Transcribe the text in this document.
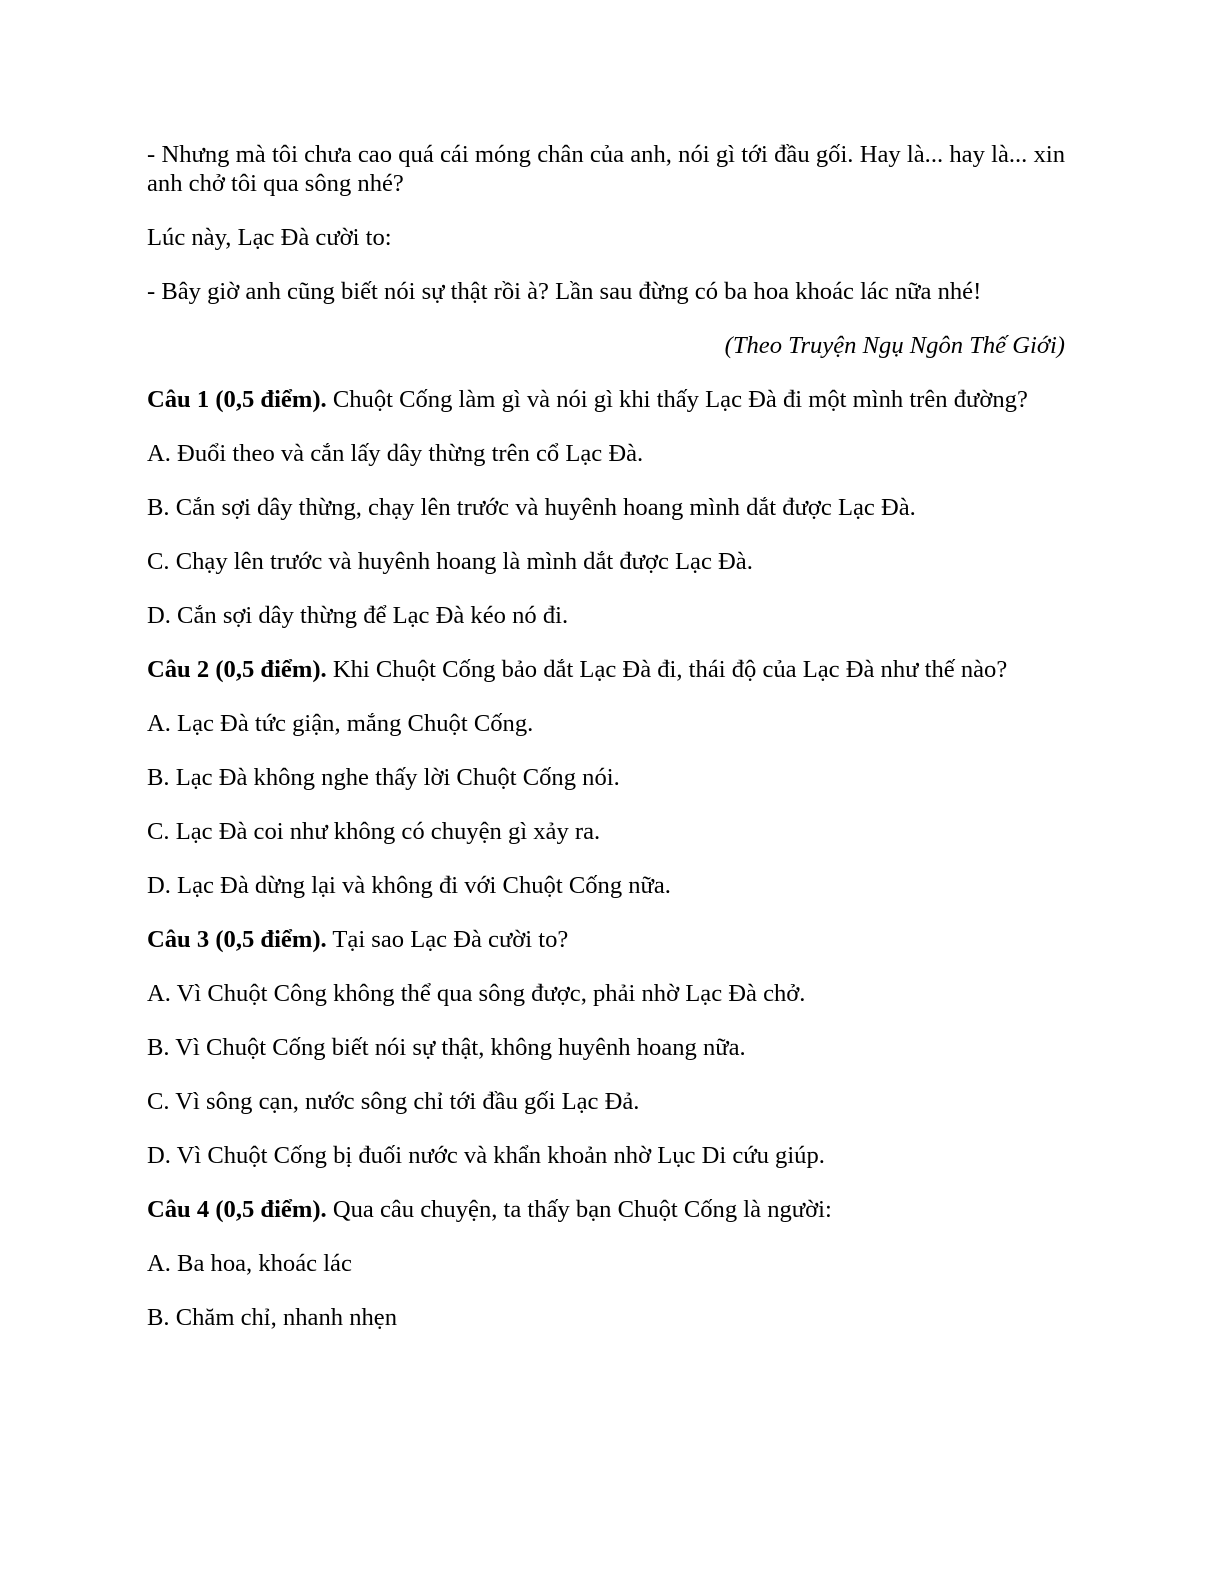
- Nhưng mà tôi chưa cao quá cái móng chân của anh, nói gì tới đầu gối. Hay là... hay là... xin anh chở tôi qua sông nhé?

Lúc này, Lạc Đà cười to:

- Bây giờ anh cũng biết nói sự thật rồi à? Lần sau đừng có ba hoa khoác lác nữa nhé!

(Theo Truyện Ngụ Ngôn Thế Giới)

Câu 1 (0,5 điểm). Chuột Cống làm gì và nói gì khi thấy Lạc Đà đi một mình trên đường?

A. Đuổi theo và cắn lấy dây thừng trên cổ Lạc Đà.

B. Cắn sợi dây thừng, chạy lên trước và huyênh hoang mình dắt được Lạc Đà.

C. Chạy lên trước và huyênh hoang là mình dắt được Lạc Đà.

D. Cắn sợi dây thừng để Lạc Đà kéo nó đi.

Câu 2 (0,5 điểm). Khi Chuột Cống bảo dắt Lạc Đà đi, thái độ của Lạc Đà như thế nào?

A. Lạc Đà tức giận, mắng Chuột Cống.

B. Lạc Đà không nghe thấy lời Chuột Cống nói.

C. Lạc Đà coi như không có chuyện gì xảy ra.

D. Lạc Đà dừng lại và không đi với Chuột Cống nữa.

Câu 3 (0,5 điểm). Tại sao Lạc Đà cười to?

A. Vì Chuột Công không thể qua sông được, phải nhờ Lạc Đà chở.

B. Vì Chuột Cống biết nói sự thật, không huyênh hoang nữa.

C. Vì sông cạn, nước sông chỉ tới đầu gối Lạc Đả.

D. Vì Chuột Cống bị đuối nước và khẩn khoản nhờ Lục Di cứu giúp.

Câu 4 (0,5 điểm). Qua câu chuyện, ta thấy bạn Chuột Cống là người:

A. Ba hoa, khoác lác

B. Chăm chỉ, nhanh nhẹn
